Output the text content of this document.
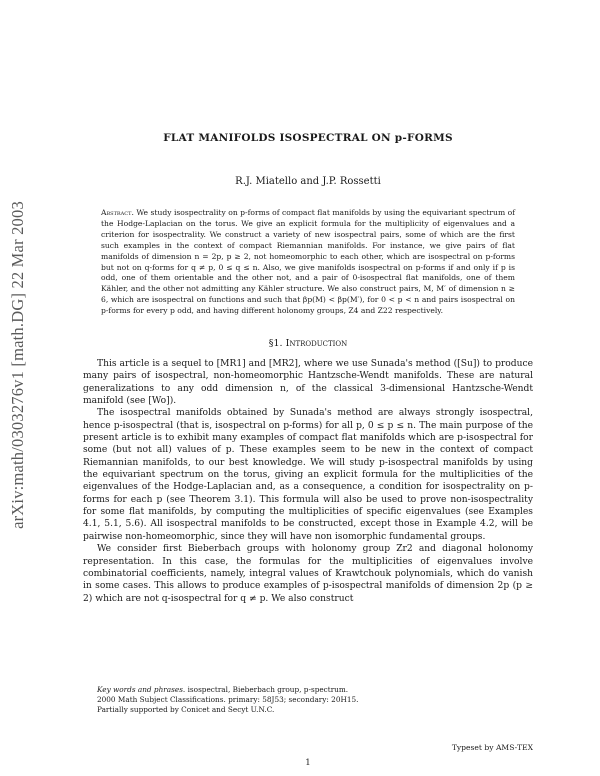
arXiv:math/0303276v1 [math.DG] 22 Mar 2003
FLAT MANIFOLDS ISOSPECTRAL ON p-FORMS
R.J. Miatello and J.P. Rossetti

Abstract. We study isospectrality on p-forms of compact flat manifolds by using the equivariant spectrum of the Hodge-Laplacian on the torus. We give an explicit formula for the multiplicity of eigenvalues and a criterion for isospectrality. We construct a variety of new isospectral pairs, some of which are the first such examples in the context of compact Riemannian manifolds. For instance, we give pairs of flat manifolds of dimension n = 2p, p ≥ 2, not homeomorphic to each other, which are isospectral on p-forms but not on q-forms for q ≠ p, 0 ≤ q ≤ n. Also, we give manifolds isospectral on p-forms if and only if p is odd, one of them orientable and the other not, and a pair of 0-isospectral flat manifolds, one of them Kähler, and the other not admitting any Kähler structure. We also construct pairs, M, M′ of dimension n ≥ 6, which are isospectral on functions and such that βp(M) < βp(M′), for 0 < p < n and pairs isospectral on p-forms for every p odd, and having different holonomy groups, Z4 and Z22 respectively.

§1. Introduction

This article is a sequel to [MR1] and [MR2], where we use Sunada's method ([Su]) to produce many pairs of isospectral, non-homeomorphic Hantzsche-Wendt manifolds. These are natural generalizations to any odd dimension n, of the classical 3-dimensional Hantzsche-Wendt manifold (see [Wo]).

The isospectral manifolds obtained by Sunada's method are always strongly isospectral, hence p-isospectral (that is, isospectral on p-forms) for all p, 0 ≤ p ≤ n. The main purpose of the present article is to exhibit many examples of compact flat manifolds which are p-isospectral for some (but not all) values of p. These examples seem to be new in the context of compact Riemannian manifolds, to our best knowledge. We will study p-isospectral manifolds by using the equivariant spectrum on the torus, giving an explicit formula for the multiplicities of the eigenvalues of the Hodge-Laplacian and, as a consequence, a condition for isospectrality on p-forms for each p (see Theorem 3.1). This formula will also be used to prove non-isospectrality for some flat manifolds, by computing the multiplicities of specific eigenvalues (see Examples 4.1, 5.1, 5.6). All isospectral manifolds to be constructed, except those in Example 4.2, will be pairwise non-homeomorphic, since they will have non isomorphic fundamental groups.

We consider first Bieberbach groups with holonomy group Zr2 and diagonal holonomy representation. In this case, the formulas for the multiplicities of eigenvalues involve combinatorial coefficients, namely, integral values of Krawtchouk polynomials, which do vanish in some cases. This allows to produce examples of p-isospectral manifolds of dimension 2p (p ≥ 2) which are not q-isospectral for q ≠ p. We also construct

Key words and phrases. isospectral, Bieberbach group, p-spectrum.

2000 Math Subject Classifications. primary: 58J53; secondary: 20H15.

Partially supported by Conicet and Secyt U.N.C.

Typeset by AMS-TEX
1
